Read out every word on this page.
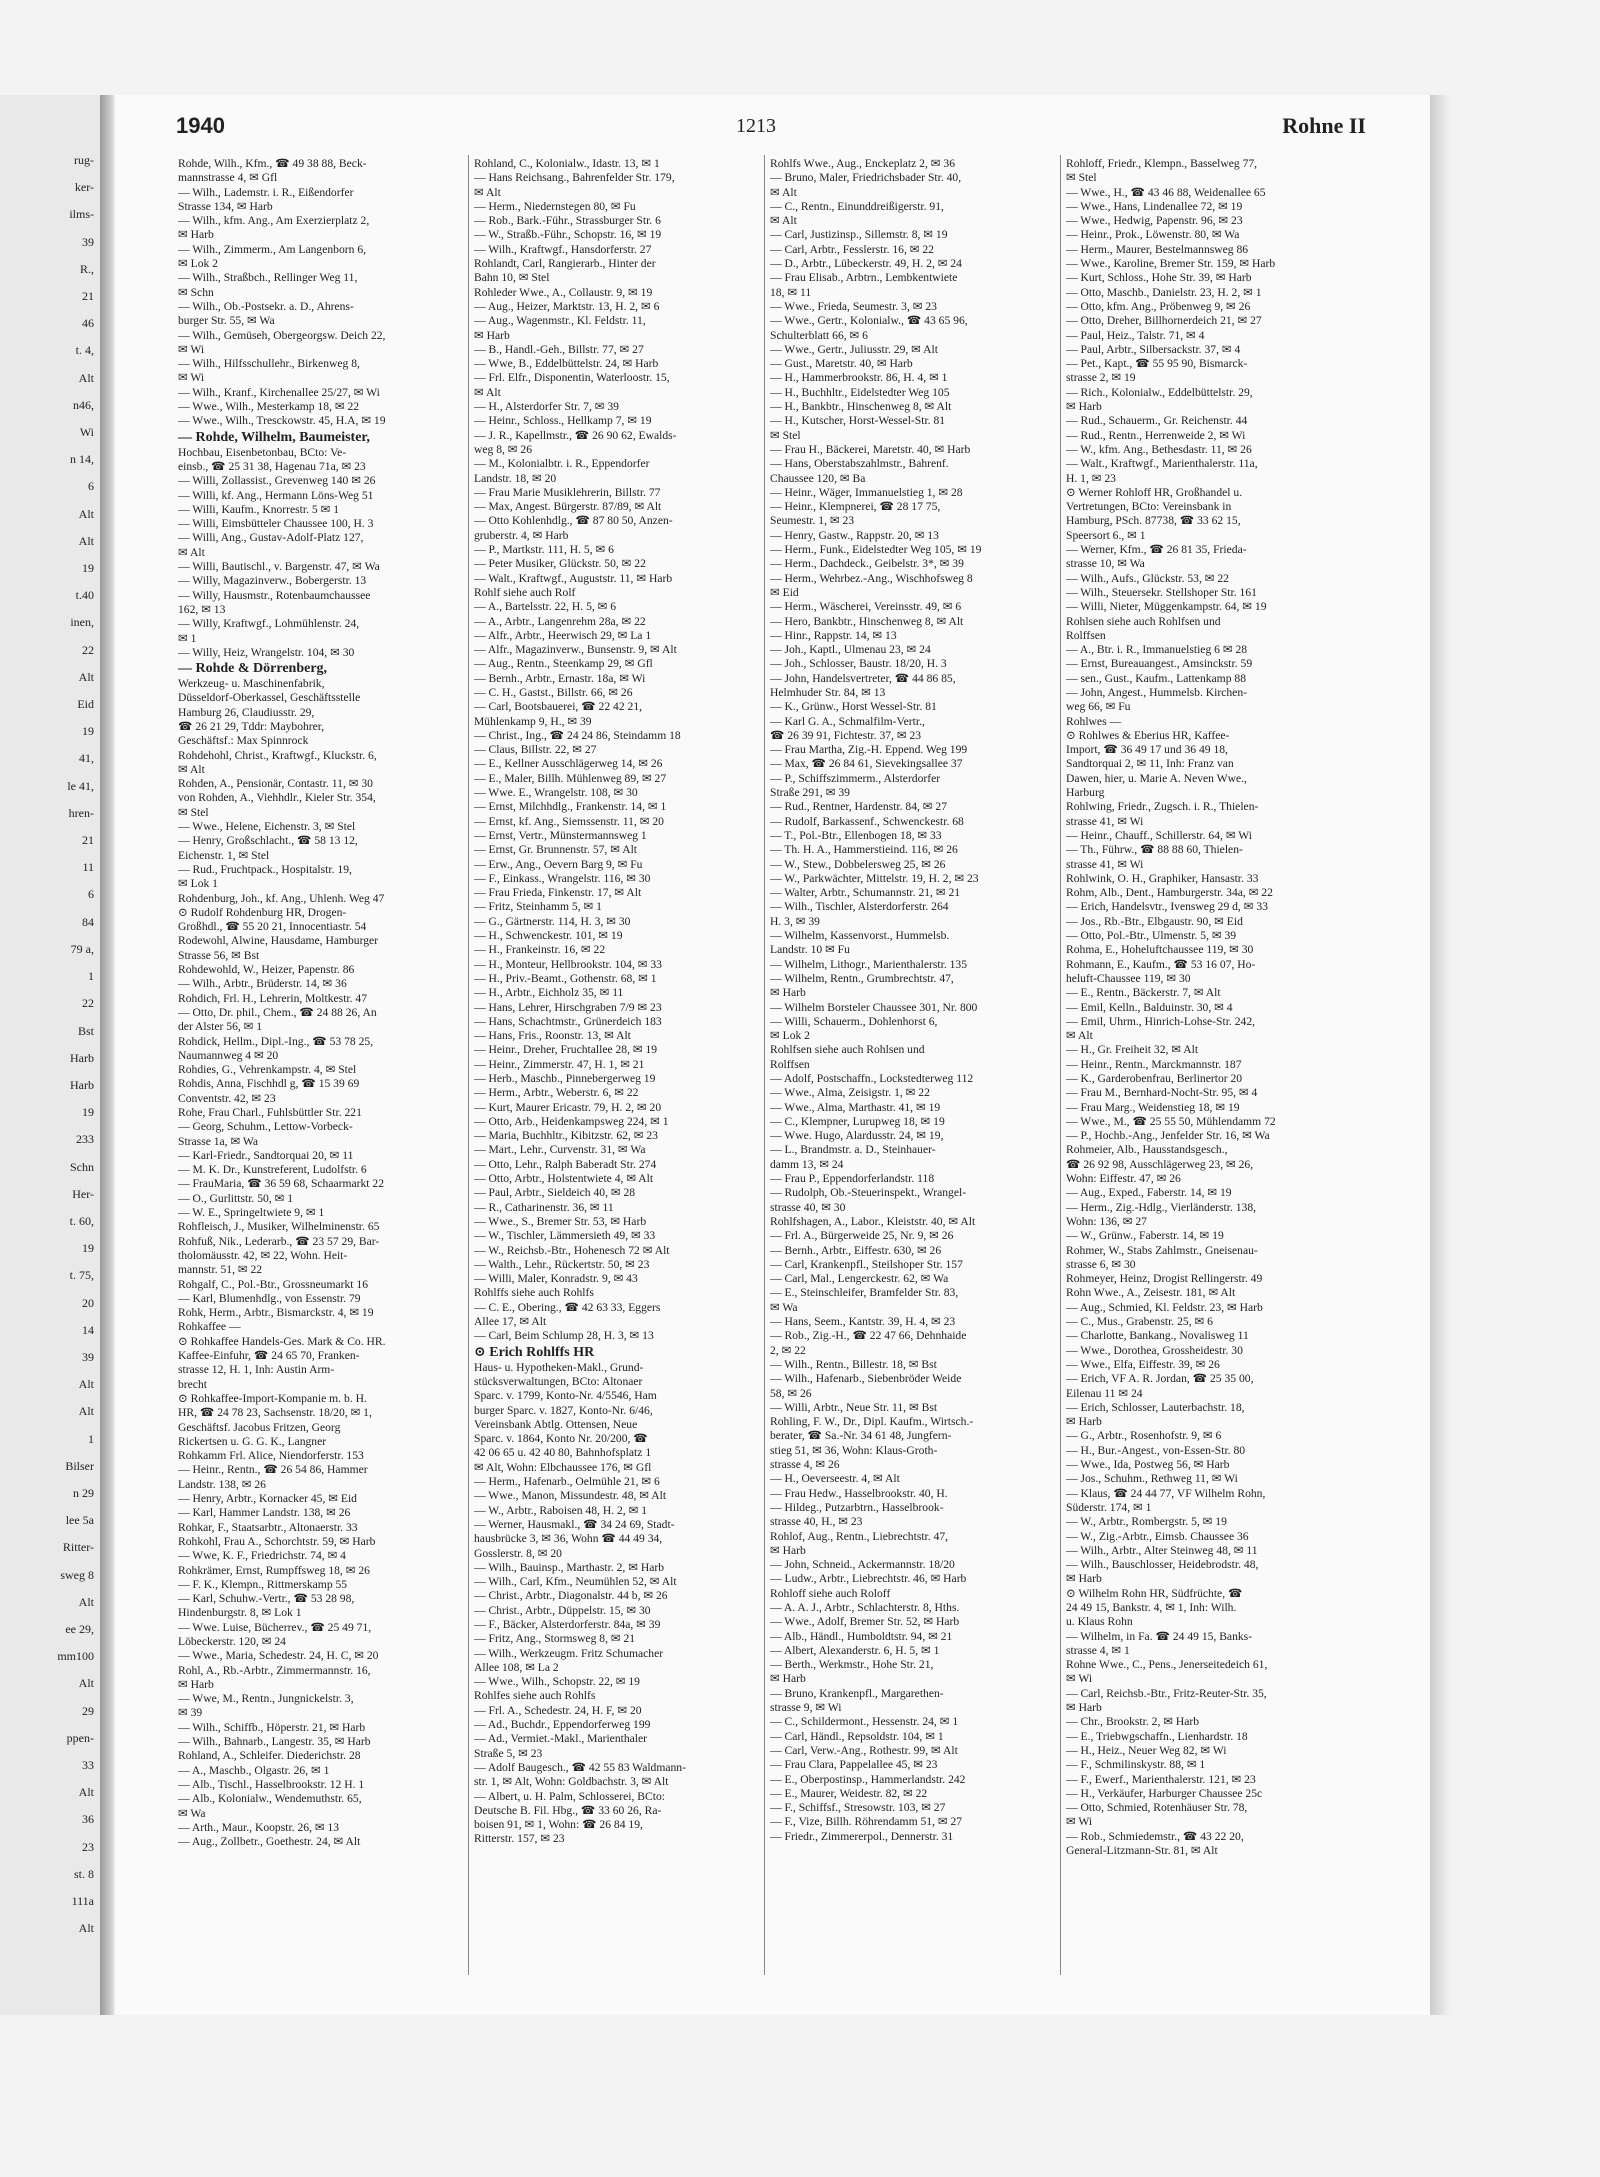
rug-
ker-
ilms-
39
R.,
21
46
t. 4,
Alt
n46,
Wi
n 14,
6
Alt
Alt
19
t.40
inen,
22
Alt
Eid
19
41,
le 41,
hren-
21
11
6
84
79 a,
1
22
Bst
Harb
Harb
19
233
Schn
Her-
t. 60,
19
t. 75,
20
14
39
Alt
Alt
1
Bilser
n 29
lee 5a
Ritter-
sweg 8
Alt
ee 29,
mm100
Alt
29
ppen-
33
Alt
36
23
st. 8
111a
Alt
1940	1213	Rohne II
Rohde, Wilh., Kfm., ☎ 49 38 88, Beck-
mannstrasse 4, ✉ Gfl
— Wilh., Lademstr. i. R., Eißendorfer
Strasse 134, ✉ Harb
— Wilh., kfm. Ang., Am Exerzierplatz 2,
✉ Harb
— Wilh., Zimmerm., Am Langenborn 6,
✉ Lok 2
— Wilh., Straßbch., Rellinger Weg 11,
✉ Schn
— Wilh., Ob.-Postsekr. a. D., Ahrens-
burger Str. 55, ✉ Wa
— Wilh., Gemüseh, Obergeorgsw. Deich 22,
✉ Wi
— Wilh., Hilfsschullehr., Birkenweg 8,
✉ Wi
— Wilh., Kranf., Kirchenallee 25/27, ✉ Wi
— Wwe., Wilh., Mesterkamp 18, ✉ 22
— Wwe., Wilh., Tresckowstr. 45, H.A, ✉ 19
— Rohde, Wilhelm, Baumeister,
Hochbau, Eisenbetonbau, BCto: Ve-
einsb., ☎ 25 31 38, Hagenau 71a, ✉ 23
— Willi, Zollassist., Grevenweg 140 ✉ 26
— Willi, kf. Ang., Hermann Löns-Weg 51
— Willi, Kaufm., Knorrestr. 5 ✉ 1
— Willi, Eimsbütteler Chaussee 100, H. 3
— Willi, Ang., Gustav-Adolf-Platz 127,
✉ Alt
— Willi, Bautischl., v. Bargenstr. 47, ✉ Wa
— Willy, Magazinverw., Bobergerstr. 13
— Willy, Hausmstr., Rotenbaumchaussee
162, ✉ 13
— Willy, Kraftwgf., Lohmühlenstr. 24,
✉ 1
— Willy, Heiz, Wrangelstr. 104, ✉ 30
— Rohde & Dörrenberg,
Werkzeug- u. Maschinenfabrik,
Düsseldorf-Oberkassel, Geschäftsstelle
Hamburg 26, Claudiusstr. 29,
☎ 26 21 29, Tddr: Maybohrer,
Geschäftsf.: Max Spinnrock
Rohdehohl, Christ., Kraftwgf., Kluckstr. 6,
✉ Alt
Rohden, A., Pensionär, Contastr. 11, ✉ 30
von Rohden, A., Viehhdlr., Kieler Str. 354,
✉ Stel
— Wwe., Helene, Eichenstr. 3, ✉ Stel
— Henry, Großschlacht., ☎ 58 13 12,
Eichenstr. 1, ✉ Stel
— Rud., Fruchtpack., Hospitalstr. 19,
✉ Lok 1
Rohdenburg, Joh., kf. Ang., Uhlenh. Weg 47
⊙ Rudolf Rohdenburg HR, Drogen-
Großhdl., ☎ 55 20 21, Innocentiastr. 54
Rodewohl, Alwine, Hausdame, Hamburger
Strasse 56, ✉ Bst
Rohdewohld, W., Heizer, Papenstr. 86
— Wilh., Arbtr., Brüderstr. 14, ✉ 36
Rohdich, Frl. H., Lehrerin, Moltkestr. 47
— Otto, Dr. phil., Chem., ☎ 24 88 26, An
der Alster 56, ✉ 1
Rohdick, Hellm., Dipl.-Ing., ☎ 53 78 25,
Naumannweg 4 ✉ 20
Rohdies, G., Vehrenkampstr. 4, ✉ Stel
Rohdis, Anna, Fischhdl g, ☎ 15 39 69
Conventstr. 42, ✉ 23
Rohe, Frau Charl., Fuhlsbüttler Str. 221
— Georg, Schuhm., Lettow-Vorbeck-
Strasse 1a, ✉ Wa
— Karl-Friedr., Sandtorquai 20, ✉ 11
— M. K. Dr., Kunstreferent, Ludolfstr. 6
— FrauMaria, ☎ 36 59 68, Schaarmarkt 22
— O., Gurlittstr. 50, ✉ 1
— W. E., Springeltwiete 9, ✉ 1
Rohfleisch, J., Musiker, Wilhelminenstr. 65
Rohfuß, Nik., Lederarb., ☎ 23 57 29, Bar-
tholomäusstr. 42, ✉ 22, Wohn. Heit-
mannstr. 51, ✉ 22
Rohgalf, C., Pol.-Btr., Grossneumarkt 16
— Karl, Blumenhdlg., von Essenstr. 79
Rohk, Herm., Arbtr., Bismarckstr. 4, ✉ 19
Rohkaffee —
⊙ Rohkaffee Handels-Ges. Mark & Co. HR.
Kaffee-Einfuhr, ☎ 24 65 70, Franken-
strasse 12, H. 1, Inh: Austin Arm-
brecht
⊙ Rohkaffee-Import-Kompanie m. b. H.
HR, ☎ 24 78 23, Sachsenstr. 18/20, ✉ 1,
Geschäftsf. Jacobus Fritzen, Georg
Rickertsen u. G. G. K., Langner
Rohkamm Frl. Alice, Niendorferstr. 153
— Heinr., Rentn., ☎ 26 54 86, Hammer
Landstr. 138, ✉ 26
— Henry, Arbtr., Kornacker 45, ✉ Eid
— Karl, Hammer Landstr. 138, ✉ 26
Rohkar, F., Staatsarbtr., Altonaerstr. 33
Rohkohl, Frau A., Schorchtstr. 59, ✉ Harb
— Wwe, K. F., Friedrichstr. 74, ✉ 4
Rohkrämer, Ernst, Rumpffsweg 18, ✉ 26
— F. K., Klempn., Rittmerskamp 55
— Karl, Schuhw.-Vertr., ☎ 53 28 98,
Hindenburgstr. 8, ✉ Lok 1
— Wwe. Luise, Bücherrev., ☎ 25 49 71,
Löbeckerstr. 120, ✉ 24
— Wwe., Maria, Schedestr. 24, H. C, ✉ 20
Rohl, A., Rb.-Arbtr., Zimmermannstr. 16,
✉ Harb
— Wwe, M., Rentn., Jungnickelstr. 3,
✉ 39
— Wilh., Schiffb., Höperstr. 21, ✉ Harb
— Wilh., Bahnarb., Langestr. 35, ✉ Harb
Rohland, A., Schleifer. Diederichstr. 28
— A., Maschb., Olgastr. 26, ✉ 1
— Alb., Tischl., Hasselbrookstr. 12 H. 1
— Alb., Kolonialw., Wendemuthstr. 65,
✉ Wa
— Arth., Maur., Koopstr. 26, ✉ 13
— Aug., Zollbetr., Goethestr. 24, ✉ Alt
Rohland, C., Kolonialw., Idastr. 13, ✉ 1
— Hans Reichsang., Bahrenfelder Str. 179,
✉ Alt
— Herm., Niedernstegen 80, ✉ Fu
— Rob., Bark.-Führ., Strassburger Str. 6
— W., Straßb.-Führ., Schopstr. 16, ✉ 19
— Wilh., Kraftwgf., Hansdorferstr. 27
Rohlandt, Carl, Rangierarb., Hinter der
Bahn 10, ✉ Stel
Rohleder Wwe., A., Collaustr. 9, ✉ 19
— Aug., Heizer, Marktstr. 13, H. 2, ✉ 6
— Aug., Wagenmstr., Kl. Feldstr. 11,
✉ Harb
— B., Handl.-Geh., Billstr. 77, ✉ 27
— Wwe, B., Eddelbüttelstr. 24, ✉ Harb
— Frl. Elfr., Disponentin, Waterloostr. 15,
✉ Alt
— H., Alsterdorfer Str. 7, ✉ 39
— Heinr., Schloss., Hellkamp 7, ✉ 19
— J. R., Kapellmstr., ☎ 26 90 62, Ewalds-
weg 8, ✉ 26
— M., Kolonialbtr. i. R., Eppendorfer
Landstr. 18, ✉ 20
— Frau Marie Musiklehrerin, Billstr. 77
— Max, Angest. Bürgerstr. 87/89, ✉ Alt
— Otto Kohlenhdlg., ☎ 87 80 50, Anzen-
gruberstr. 4, ✉ Harb
— P., Martkstr. 111, H. 5, ✉ 6
— Peter Musiker, Glückstr. 50, ✉ 22
— Walt., Kraftwgf., Auguststr. 11, ✉ Harb
Rohlf siehe auch Rolf
— A., Bartelsstr. 22, H. 5, ✉ 6
— A., Arbtr., Langenrehm 28a, ✉ 22
— Alfr., Arbtr., Heerwisch 29, ✉ La 1
— Alfr., Magazinverw., Bunsenstr. 9, ✉ Alt
— Aug., Rentn., Steenkamp 29, ✉ Gfl
— Bernh., Arbtr., Ernastr. 18a, ✉ Wi
— C. H., Gastst., Billstr. 66, ✉ 26
— Carl, Bootsbauerei, ☎ 22 42 21,
Mühlenkamp 9, H., ✉ 39
— Christ., Ing., ☎ 24 24 86, Steindamm 18
— Claus, Billstr. 22, ✉ 27
— E., Kellner Ausschlägerweg 14, ✉ 26
— E., Maler, Billh. Mühlenweg 89, ✉ 27
— Wwe. E., Wrangelstr. 108, ✉ 30
— Ernst, Milchhdlg., Frankenstr. 14, ✉ 1
— Ernst, kf. Ang., Siemssenstr. 11, ✉ 20
— Ernst, Vertr., Münstermannsweg 1
— Ernst, Gr. Brunnenstr. 57, ✉ Alt
— Erw., Ang., Oevern Barg 9, ✉ Fu
— F., Einkass., Wrangelstr. 116, ✉ 30
— Frau Frieda, Finkenstr. 17, ✉ Alt
— Fritz, Steinhamm 5, ✉ 1
— G., Gärtnerstr. 114, H. 3, ✉ 30
— H., Schwenckestr. 101, ✉ 19
— H., Frankeinstr. 16, ✉ 22
— H., Monteur, Hellbrookstr. 104, ✉ 33
— H., Priv.-Beamt., Gothenstr. 68, ✉ 1
— H., Arbtr., Eichholz 35, ✉ 11
— Hans, Lehrer, Hirschgraben 7/9 ✉ 23
— Hans, Schachtmstr., Grünerdeich 183
— Hans, Fris., Roonstr. 13, ✉ Alt
— Heinr., Dreher, Fruchtallee 28, ✉ 19
— Heinr., Zimmerstr. 47, H. 1, ✉ 21
— Herb., Maschb., Pinnebergerweg 19
— Herm., Arbtr., Weberstr. 6, ✉ 22
— Kurt, Maurer Ericastr. 79, H. 2, ✉ 20
— Otto, Arb., Heidenkampsweg 224, ✉ 1
— Maria, Buchhltr., Kibitzstr. 62, ✉ 23
— Mart., Lehr., Curvenstr. 31, ✉ Wa
— Otto, Lehr., Ralph Baberadt Str. 274
— Otto, Arbtr., Holstentwiete 4, ✉ Alt
— Paul, Arbtr., Sieldeich 40, ✉ 28
— R., Catharinenstr. 36, ✉ 11
— Wwe., S., Bremer Str. 53, ✉ Harb
— W., Tischler, Lämmersieth 49, ✉ 33
— W., Reichsb.-Btr., Hohenesch 72 ✉ Alt
— Walth., Lehr., Rückertstr. 50, ✉ 23
— Willi, Maler, Konradstr. 9, ✉ 43
Rohlffs siehe auch Rohlfs
— C. E., Obering., ☎ 42 63 33, Eggers
Allee 17, ✉ Alt
— Carl, Beim Schlump 28, H. 3, ✉ 13
⊙ Erich Rohlffs HR
Haus- u. Hypotheken-Makl., Grund-
stücksverwaltungen, BCto: Altonaer
Sparc. v. 1799, Konto-Nr. 4/5546, Ham
burger Sparc. v. 1827, Konto-Nr. 6/46,
Vereinsbank Abtlg. Ottensen, Neue
Sparc. v. 1864, Konto Nr. 20/200, ☎
42 06 65 u. 42 40 80, Bahnhofsplatz 1
✉ Alt, Wohn: Elbchaussee 176, ✉ Gfl
— Herm., Hafenarb., Oelmühle 21, ✉ 6
— Wwe., Manon, Missundestr. 48, ✉ Alt
— W., Arbtr., Raboisen 48, H. 2, ✉ 1
— Werner, Hausmakl., ☎ 34 24 69, Stadt-
hausbrücke 3, ✉ 36, Wohn ☎ 44 49 34,
Gosslerstr. 8, ✉ 20
— Wilh., Bauinsp., Marthastr. 2, ✉ Harb
— Wilh., Carl, Kfm., Neumühlen 52, ✉ Alt
— Christ., Arbtr., Diagonalstr. 44 b, ✉ 26
— Christ., Arbtr., Düppelstr. 15, ✉ 30
— F., Bäcker, Alsterdorferstr. 84a, ✉ 39
— Fritz, Ang., Stormsweg 8, ✉ 21
— Wilh., Werkzeugm. Fritz Schumacher
Allee 108, ✉ La 2
— Wwe., Wilh., Schopstr. 22, ✉ 19
Rohlfes siehe auch Rohlfs
— Frl. A., Schedestr. 24, H. F, ✉ 20
— Ad., Buchdr., Eppendorferweg 199
— Ad., Vermiet.-Makl., Marienthaler
Straße 5, ✉ 23
— Adolf Baugesch., ☎ 42 55 83 Waldmann-
str. 1, ✉ Alt, Wohn: Goldbachstr. 3, ✉ Alt
— Albert, u. H. Palm, Schlosserei, BCto:
Deutsche B. Fil. Hbg., ☎ 33 60 26, Ra-
boisen 91, ✉ 1, Wohn: ☎ 26 84 19,
Ritterstr. 157, ✉ 23
Rohlfs Wwe., Aug., Enckeplatz 2, ✉ 36
— Bruno, Maler, Friedrichsbader Str. 40,
✉ Alt
— C., Rentn., Einunddreißigerstr. 91,
✉ Alt
— Carl, Justizinsp., Sillemstr. 8, ✉ 19
— Carl, Arbtr., Fesslerstr. 16, ✉ 22
— D., Arbtr., Lübeckerstr. 49, H. 2, ✉ 24
— Frau Elisab., Arbtrn., Lembkentwiete
18, ✉ 11
— Wwe., Frieda, Seumestr. 3, ✉ 23
— Wwe., Gertr., Kolonialw., ☎ 43 65 96,
Schulterblatt 66, ✉ 6
— Wwe., Gertr., Juliusstr. 29, ✉ Alt
— Gust., Maretstr. 40, ✉ Harb
— H., Hammerbrookstr. 86, H. 4, ✉ 1
— H., Buchhltr., Eidelstedter Weg 105
— H., Bankbtr., Hinschenweg 8, ✉ Alt
— H., Kutscher, Horst-Wessel-Str. 81
✉ Stel
— Frau H., Bäckerei, Maretstr. 40, ✉ Harb
— Hans, Oberstabszahlmstr., Bahrenf.
Chaussee 120, ✉ Ba
— Heinr., Wäger, Immanuelstieg 1, ✉ 28
— Heinr., Klempnerei, ☎ 28 17 75,
Seumestr. 1, ✉ 23
— Henry, Gastw., Rappstr. 20, ✉ 13
— Herm., Funk., Eidelstedter Weg 105, ✉ 19
— Herm., Dachdeck., Geibelstr. 3*, ✉ 39
— Herm., Wehrbez.-Ang., Wischhofsweg 8
✉ Eid
— Herm., Wäscherei, Vereinsstr. 49, ✉ 6
— Hero, Bankbtr., Hinschenweg 8, ✉ Alt
— Hinr., Rappstr. 14, ✉ 13
— Joh., Kaptl., Ulmenau 23, ✉ 24
— Joh., Schlosser, Baustr. 18/20, H. 3
— John, Handelsvertreter, ☎ 44 86 85,
Helmhuder Str. 84, ✉ 13
— K., Grünw., Horst Wessel-Str. 81
— Karl G. A., Schmalfilm-Vertr.,
☎ 26 39 91, Fichtestr. 37, ✉ 23
— Frau Martha, Zig.-H. Eppend. Weg 199
— Max, ☎ 26 84 61, Sievekingsallee 37
— P., Schiffszimmerm., Alsterdorfer
Straße 291, ✉ 39
— Rud., Rentner, Hardenstr. 84, ✉ 27
— Rudolf, Barkassenf., Schwenckestr. 68
— T., Pol.-Btr., Ellenbogen 18, ✉ 33
— Th. H. A., Hammerstieind. 116, ✉ 26
— W., Stew., Dobbelersweg 25, ✉ 26
— W., Parkwächter, Mittelstr. 19, H. 2, ✉ 23
— Walter, Arbtr., Schumannstr. 21, ✉ 21
— Wilh., Tischler, Alsterdorferstr. 264
H. 3, ✉ 39
— Wilhelm, Kassenvorst., Hummelsb.
Landstr. 10 ✉ Fu
— Wilhelm, Lithogr., Marienthalerstr. 135
— Wilhelm, Rentn., Grumbrechtstr. 47,
✉ Harb
— Wilhelm Borsteler Chaussee 301, Nr. 800
— Willi, Schauerm., Dohlenhorst 6,
✉ Lok 2
Rohlfsen siehe auch Rohlsen und
Rolffsen
— Adolf, Postschaffn., Lockstedterweg 112
— Wwe., Alma, Zeisigstr. 1, ✉ 22
— Wwe., Alma, Marthastr. 41, ✉ 19
— C., Klempner, Lurupweg 18, ✉ 19
— Wwe. Hugo, Alardusstr. 24, ✉ 19,
— L., Brandmstr. a. D., Steinhauer-
damm 13, ✉ 24
— Frau P., Eppendorferlandstr. 118
— Rudolph, Ob.-Steuerinspekt., Wrangel-
strasse 40, ✉ 30
Rohlfshagen, A., Labor., Kleiststr. 40, ✉ Alt
— Frl. A., Bürgerweide 25, Nr. 9, ✉ 26
— Bernh., Arbtr., Eiffestr. 630, ✉ 26
— Carl, Krankenpfl., Steilshoper Str. 157
— Carl, Mal., Lengerckestr. 62, ✉ Wa
— E., Steinschleifer, Bramfelder Str. 83,
✉ Wa
— Hans, Seem., Kantstr. 39, H. 4, ✉ 23
— Rob., Zig.-H., ☎ 22 47 66, Dehnhaide
2, ✉ 22
— Wilh., Rentn., Billestr. 18, ✉ Bst
— Wilh., Hafenarb., Siebenbröder Weide
58, ✉ 26
— Willi, Arbtr., Neue Str. 11, ✉ Bst
Rohling, F. W., Dr., Dipl. Kaufm., Wirtsch.-
berater, ☎ Sa.-Nr. 34 61 48, Jungfern-
stieg 51, ✉ 36, Wohn: Klaus-Groth-
strasse 4, ✉ 26
— H., Oeverseestr. 4, ✉ Alt
— Frau Hedw., Hasselbrookstr. 40, H.
— Hildeg., Putzarbtrn., Hasselbrook-
strasse 40, H., ✉ 23
Rohlof, Aug., Rentn., Liebrechtstr. 47,
✉ Harb
— John, Schneid., Ackermannstr. 18/20
— Ludw., Arbtr., Liebrechtstr. 46, ✉ Harb
Rohloff siehe auch Roloff
— A. A. J., Arbtr., Schlachterstr. 8, Hths.
— Wwe., Adolf, Bremer Str. 52, ✉ Harb
— Alb., Händl., Humboldtstr. 94, ✉ 21
— Albert, Alexanderstr. 6, H. 5, ✉ 1
— Berth., Werkmstr., Hohe Str. 21,
✉ Harb
— Bruno, Krankenpfl., Margarethen-
strasse 9, ✉ Wi
— C., Schildermont., Hessenstr. 24, ✉ 1
— Carl, Händl., Repsoldstr. 104, ✉ 1
— Carl, Verw.-Ang., Rothestr. 99, ✉ Alt
— Frau Clara, Pappelallee 45, ✉ 23
— E., Oberpostinsp., Hammerlandstr. 242
— E., Maurer, Weidestr. 82, ✉ 22
— F., Schiffsf., Stresowstr. 103, ✉ 27
— F., Vize, Billh. Röhrendamm 51, ✉ 27
— Friedr., Zimmererpol., Dennerstr. 31
Rohloff, Friedr., Klempn., Basselweg 77,
✉ Stel
— Wwe., H., ☎ 43 46 88, Weidenallee 65
— Wwe., Hans, Lindenallee 72, ✉ 19
— Wwe., Hedwig, Papenstr. 96, ✉ 23
— Heinr., Prok., Löwenstr. 80, ✉ Wa
— Herm., Maurer, Bestelmannsweg 86
— Wwe., Karoline, Bremer Str. 159, ✉ Harb
— Kurt, Schloss., Hohe Str. 39, ✉ Harb
— Otto, Maschb., Danielstr. 23, H. 2, ✉ 1
— Otto, kfm. Ang., Pröbenweg 9, ✉ 26
— Otto, Dreher, Billhornerdeich 21, ✉ 27
— Paul, Heiz., Talstr. 71, ✉ 4
— Paul, Arbtr., Silbersackstr. 37, ✉ 4
— Pet., Kapt., ☎ 55 95 90, Bismarck-
strasse 2, ✉ 19
— Rich., Kolonialw., Eddelbüttelstr. 29,
✉ Harb
— Rud., Schauerm., Gr. Reichenstr. 44
— Rud., Rentn., Herrenweide 2, ✉ Wi
— W., kfm. Ang., Bethesdastr. 11, ✉ 26
— Walt., Kraftwgf., Marienthalerstr. 11a,
H. 1, ✉ 23
⊙ Werner Rohloff HR, Großhandel u.
Vertretungen, BCto: Vereinsbank in
Hamburg, PSch. 87738, ☎ 33 62 15,
Speersort 6., ✉ 1
— Werner, Kfm., ☎ 26 81 35, Frieda-
strasse 10, ✉ Wa
— Wilh., Aufs., Glückstr. 53, ✉ 22
— Wilh., Steuersekr. Stellshoper Str. 161
— Willi, Nieter, Müggenkampstr. 64, ✉ 19
Rohlsen siehe auch Rohlfsen und
Rolffsen
— A., Btr. i. R., Immanuelstieg 6 ✉ 28
— Ernst, Bureauangest., Amsinckstr. 59
— sen., Gust., Kaufm., Lattenkamp 88
— John, Angest., Hummelsb. Kirchen-
weg 66, ✉ Fu
Rohlwes —
⊙ Rohlwes & Eberius HR, Kaffee-
Import, ☎ 36 49 17 und 36 49 18,
Sandtorquai 2, ✉ 11, Inh: Franz van
Dawen, hier, u. Marie A. Neven Wwe.,
Harburg
Rohlwing, Friedr., Zugsch. i. R., Thielen-
strasse 41, ✉ Wi
— Heinr., Chauff., Schillerstr. 64, ✉ Wi
— Th., Führw., ☎ 88 88 60, Thielen-
strasse 41, ✉ Wi
Rohlwink, O. H., Graphiker, Hansastr. 33
Rohm, Alb., Dent., Hamburgerstr. 34a, ✉ 22
— Erich, Handelsvtr., Ivensweg 29 d, ✉ 33
— Jos., Rb.-Btr., Elbgaustr. 90, ✉ Eid
— Otto, Pol.-Btr., Ulmenstr. 5, ✉ 39
Rohma, E., Hoheluftchaussee 119, ✉ 30
Rohmann, E., Kaufm., ☎ 53 16 07, Ho-
heluft-Chaussee 119, ✉ 30
— E., Rentn., Bäckerstr. 7, ✉ Alt
— Emil, Kelln., Balduinstr. 30, ✉ 4
— Emil, Uhrm., Hinrich-Lohse-Str. 242,
✉ Alt
— H., Gr. Freiheit 32, ✉ Alt
— Heinr., Rentn., Marckmannstr. 187
— K., Garderobenfrau, Berlinertor 20
— Frau M., Bernhard-Nocht-Str. 95, ✉ 4
— Frau Marg., Weidenstieg 18, ✉ 19
— Wwe., M., ☎ 25 55 50, Mühlendamm 72
— P., Hochb.-Ang., Jenfelder Str. 16, ✉ Wa
Rohmeier, Alb., Hausstandsgesch.,
☎ 26 92 98, Ausschlägerweg 23, ✉ 26,
Wohn: Eiffestr. 47, ✉ 26
— Aug., Exped., Faberstr. 14, ✉ 19
— Herm., Zig.-Hdlg., Vierländerstr. 138,
Wohn: 136, ✉ 27
— W., Grünw., Faberstr. 14, ✉ 19
Rohmer, W., Stabs Zahlmstr., Gneisenau-
strasse 6, ✉ 30
Rohmeyer, Heinz, Drogist Rellingerstr. 49
Rohn Wwe., A., Zeisestr. 181, ✉ Alt
— Aug., Schmied, Kl. Feldstr. 23, ✉ Harb
— C., Mus., Grabenstr. 25, ✉ 6
— Charlotte, Bankang., Novalisweg 11
— Wwe., Dorothea, Grossheidestr. 30
— Wwe., Elfa, Eiffestr. 39, ✉ 26
— Erich, VF A. R. Jordan, ☎ 25 35 00,
Eilenau 11 ✉ 24
— Erich, Schlosser, Lauterbachstr. 18,
✉ Harb
— G., Arbtr., Rosenhofstr. 9, ✉ 6
— H., Bur.-Angest., von-Essen-Str. 80
— Wwe., Ida, Postweg 56, ✉ Harb
— Jos., Schuhm., Rethweg 11, ✉ Wi
— Klaus, ☎ 24 44 77, VF Wilhelm Rohn,
Süderstr. 174, ✉ 1
— W., Arbtr., Rombergstr. 5, ✉ 19
— W., Zig.-Arbtr., Eimsb. Chaussee 36
— Wilh., Arbtr., Alter Steinweg 48, ✉ 11
— Wilh., Bauschlosser, Heidebrodstr. 48,
✉ Harb
⊙ Wilhelm Rohn HR, Südfrüchte, ☎
24 49 15, Bankstr. 4, ✉ 1, Inh: Wilh.
u. Klaus Rohn
— Wilhelm, in Fa. ☎ 24 49 15, Banks-
strasse 4, ✉ 1
Rohne Wwe., C., Pens., Jenerseitedeich 61,
✉ Wi
— Carl, Reichsb.-Btr., Fritz-Reuter-Str. 35,
✉ Harb
— Chr., Brookstr. 2, ✉ Harb
— E., Triebwgschaffn., Lienhardstr. 18
— H., Heiz., Neuer Weg 82, ✉ Wi
— F., Schmilinskystr. 88, ✉ 1
— F., Ewerf., Marienthalerstr. 121, ✉ 23
— H., Verkäufer, Harburger Chaussee 25c
— Otto, Schmied, Rotenhäuser Str. 78,
✉ Wi
— Rob., Schmiedemstr., ☎ 43 22 20,
General-Litzmann-Str. 81, ✉ Alt
